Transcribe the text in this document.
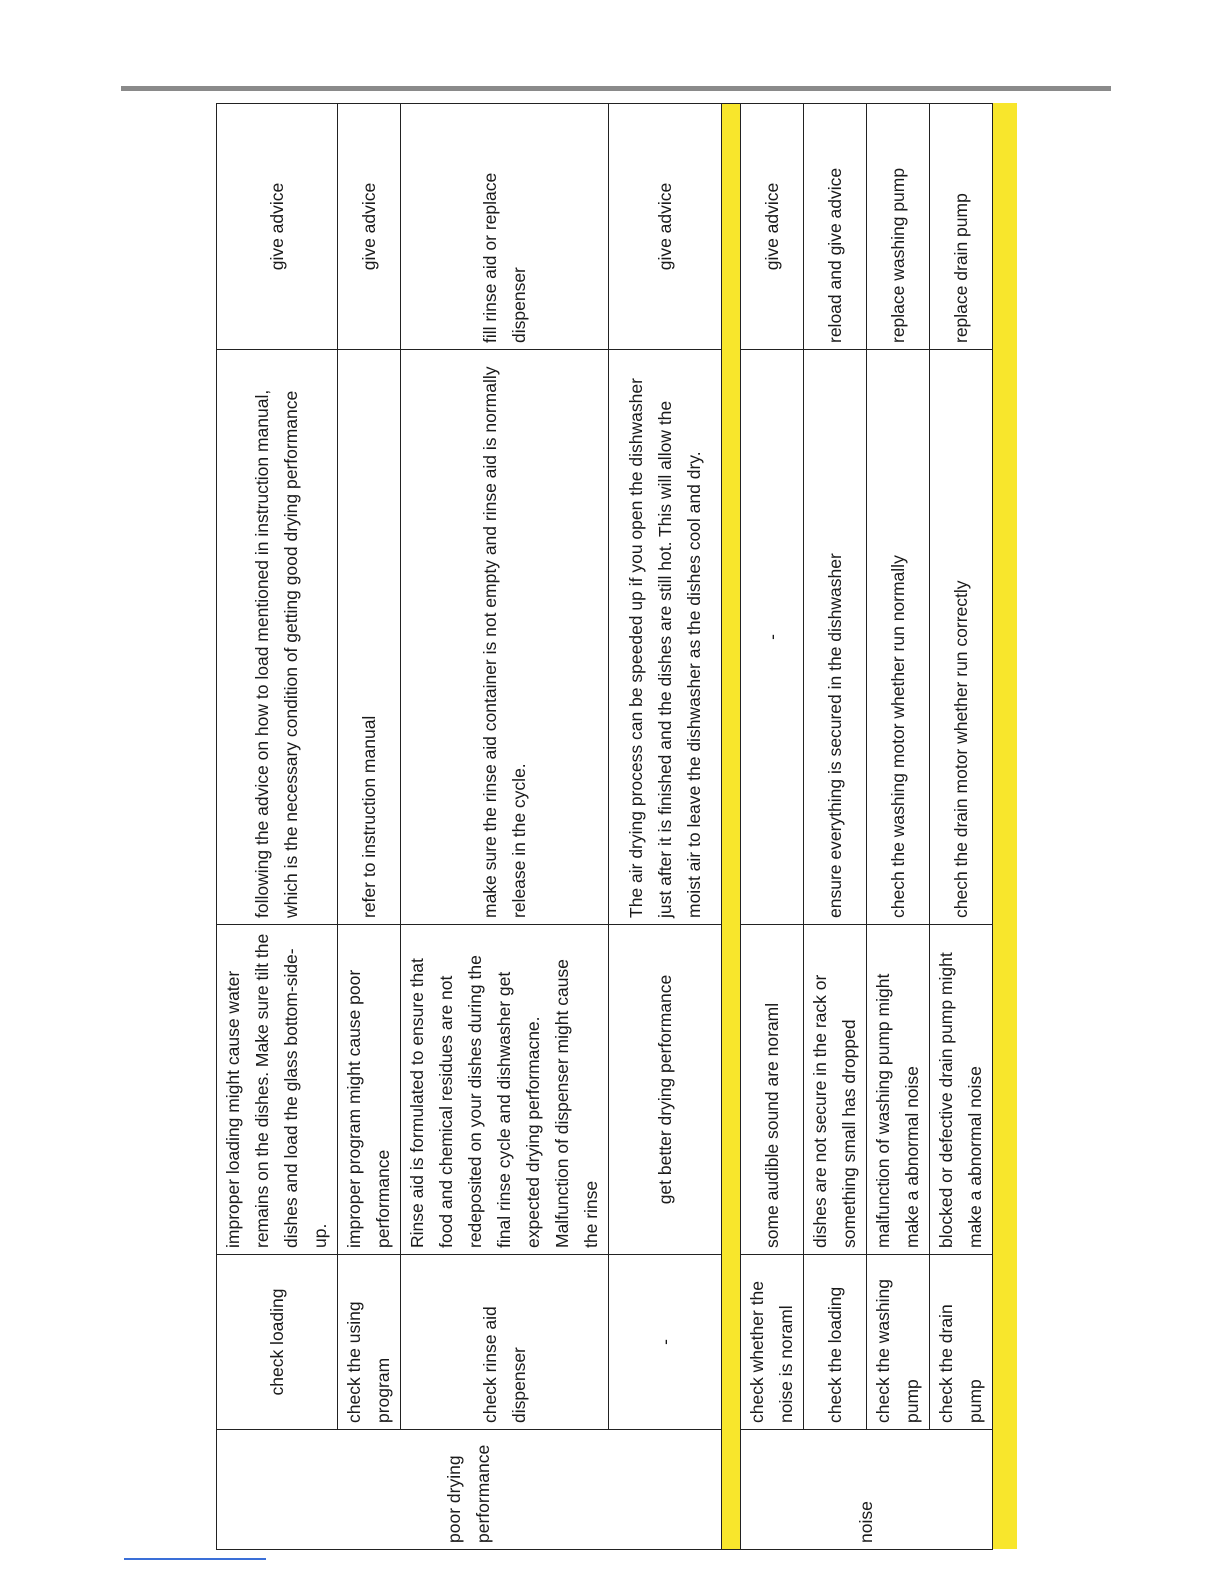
poor drying performance	check loading	improper loading might cause water remains on the dishes. Make sure tilt the dishes and load the glass bottom-side-up.	following the advice on how to load mentioned in instruction manual, which is the necessary condition of getting good drying performance	give advice
	check the using program	improper program might cause poor performance	refer to instruction manual	give advice
	check rinse aid dispenser	Rinse aid is formulated to ensure that food and chemical residues are not redeposited on your dishes during the final rinse cycle and dishwasher get expected drying performacne. Malfunction of dispenser might cause the rinse	make sure the rinse aid container is not empty and rinse aid is normally release in the cycle.	fill rinse aid or replace dispenser
	-	get better drying performance	The air drying process can be speeded up if you open the dishwasher just after it is finished and the dishes are still hot. This will allow the moist air to leave the dishwasher as the dishes cool and dry.	give advice

noise	check whether the noise is noraml	some audible sound are noraml	-	give advice
	check the loading	dishes are not secure in the rack or something small has dropped	ensure everything is secured in the dishwasher	reload and give advice
	check the washing pump	malfunction of washing pump might make a abnormal noise	chech the washing motor whether run normally	replace washing pump
	check the drain pump	blocked or defective drain pump might make a abnormal noise	chech the drain motor whether run correctly	replace drain pump
